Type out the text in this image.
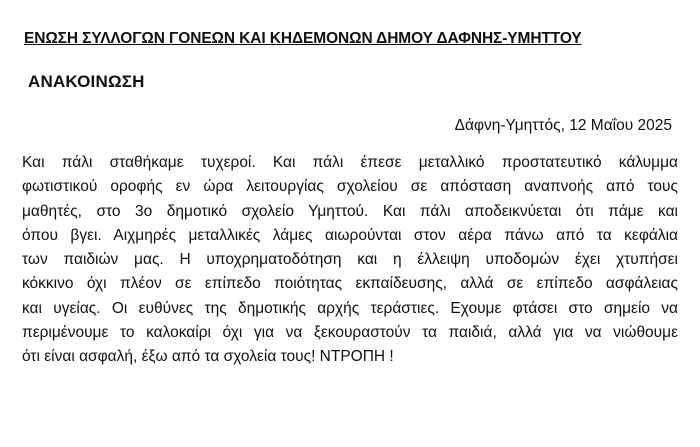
ΕΝΩΣΗ ΣΥΛΛΟΓΩΝ ΓΟΝΕΩΝ ΚΑΙ ΚΗΔΕΜΟΝΩΝ ΔΗΜΟΥ ΔΑΦΝΗΣ-ΥΜΗΤΤΟΥ
ΑΝΑΚΟΙΝΩΣΗ
Δάφνη-Υμηττός, 12 Μαΐου 2025
Και πάλι σταθήκαμε τυχεροί. Και πάλι έπεσε μεταλλικό προστατευτικό κάλυμμα
φωτιστικού οροφής εν ώρα λειτουργίας σχολείου σε απόσταση αναπνοής από τους
μαθητές, στο 3ο δημοτικό σχολείο Υμηττού. Και πάλι αποδεικνύεται ότι πάμε και
όπου βγει. Αιχμηρές μεταλλικές λάμες αιωρούνται στον αέρα πάνω από τα κεφάλια
των παιδιών μας. Η υποχρηματοδότηση και η έλλειψη υποδομών έχει χτυπήσει
κόκκινο όχι πλέον σε επίπεδο ποιότητας εκπαίδευσης, αλλά σε επίπεδο ασφάλειας
και υγείας. Οι ευθύνες της δημοτικής αρχής τεράστιες. Εχουμε φτάσει στο σημείο να
περιμένουμε το καλοκαίρι όχι για να ξεκουραστούν τα παιδιά, αλλά για να νιώθουμε
ότι είναι ασφαλή, έξω από τα σχολεία τους! ΝΤΡΟΠΗ !
